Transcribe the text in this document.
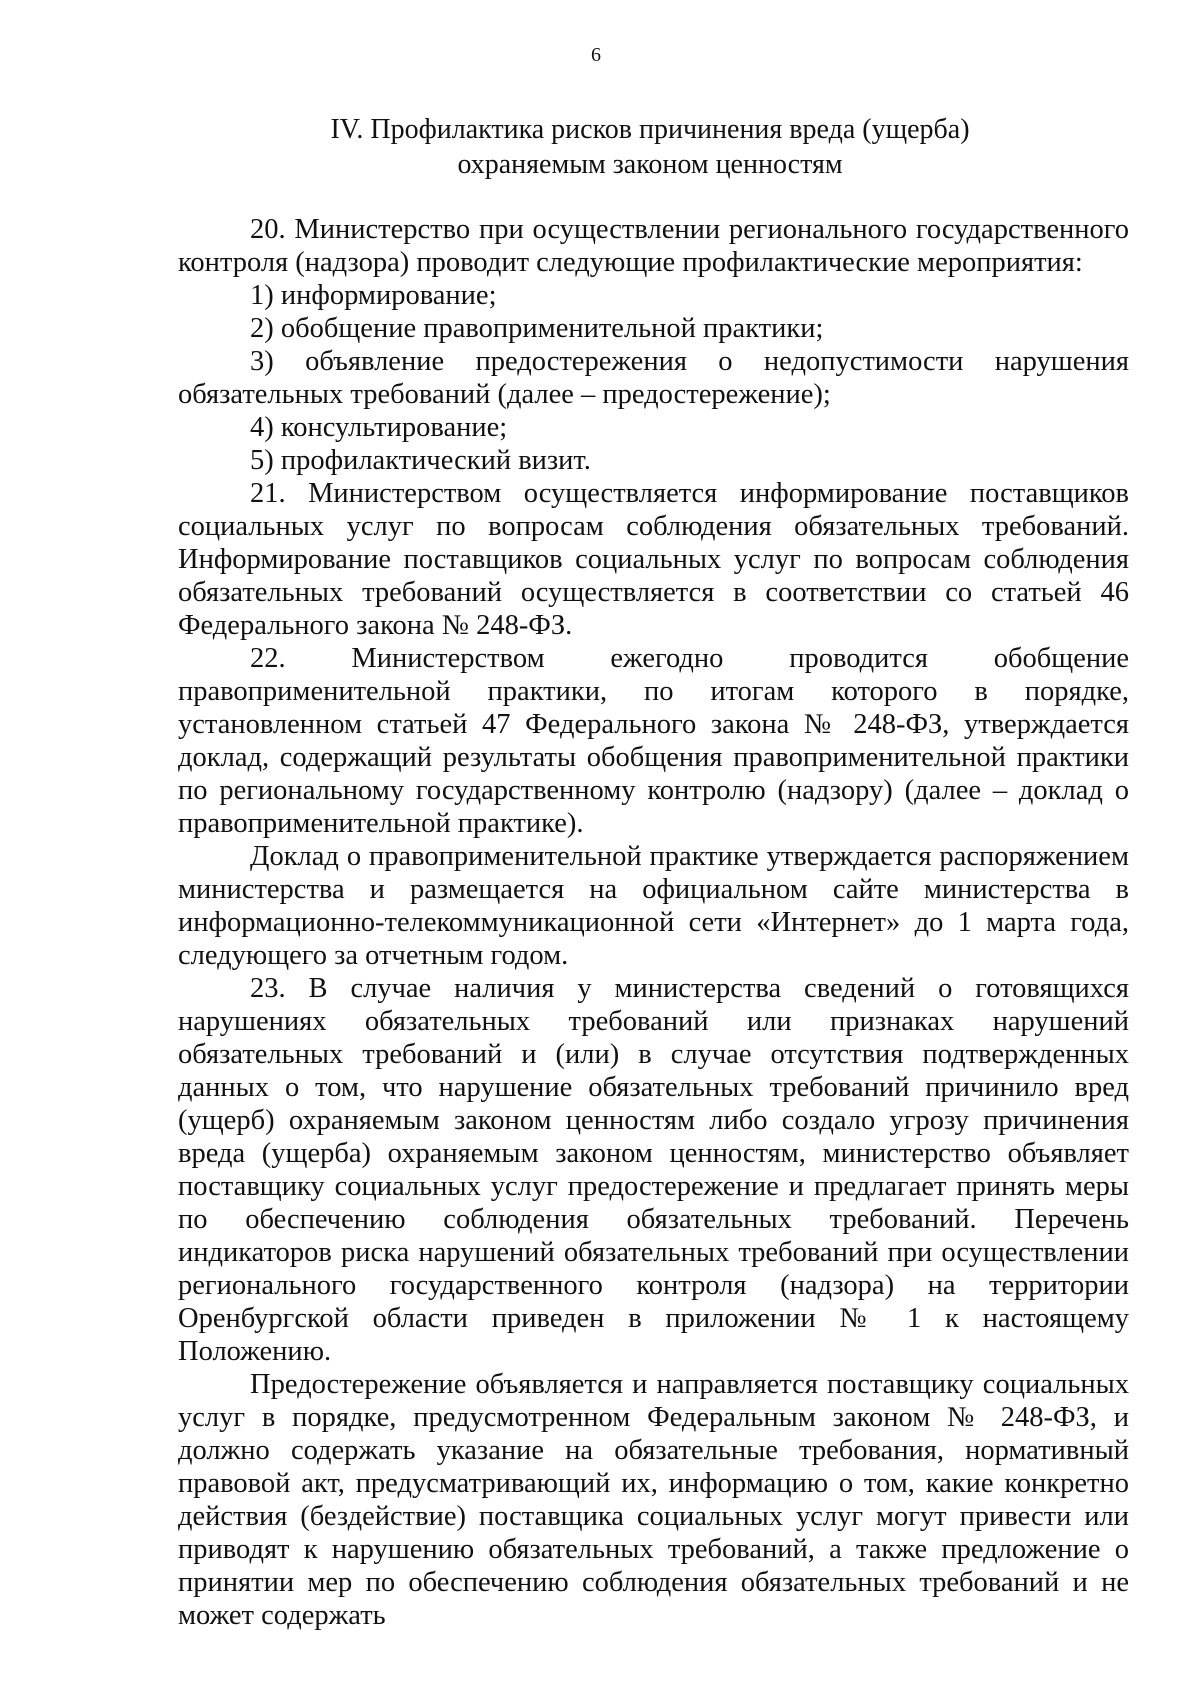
6
IV. Профилактика рисков причинения вреда (ущерба)
охраняемым законом ценностям

20. Министерство при осуществлении регионального государственного контроля (надзора) проводит следующие профилактические мероприятия:

1) информирование;

2) обобщение правоприменительной практики;

3) объявление предостережения о недопустимости нарушения обязательных требований (далее – предостережение);

4) консультирование;

5) профилактический визит.

21. Министерством осуществляется информирование поставщиков социальных услуг по вопросам соблюдения обязательных требований. Информирование поставщиков социальных услуг по вопросам соблюдения обязательных требований осуществляется в соответствии со статьей 46 Федерального закона № 248-ФЗ.

22. Министерством ежегодно проводится обобщение правоприменительной практики, по итогам которого в порядке, установленном статьей 47 Федерального закона № 248-ФЗ, утверждается доклад, содержащий результаты обобщения правоприменительной практики по региональному государственному контролю (надзору) (далее – доклад о правоприменительной практике).

Доклад о правоприменительной практике утверждается распоряжением министерства и размещается на официальном сайте министерства в информационно-телекоммуникационной сети «Интернет» до 1 марта года, следующего за отчетным годом.

23. В случае наличия у министерства сведений о готовящихся нарушениях обязательных требований или признаках нарушений обязательных требований и (или) в случае отсутствия подтвержденных данных о том, что нарушение обязательных требований причинило вред (ущерб) охраняемым законом ценностям либо создало угрозу причинения вреда (ущерба) охраняемым законом ценностям, министерство объявляет поставщику социальных услуг предостережение и предлагает принять меры по обеспечению соблюдения обязательных требований. Перечень индикаторов риска нарушений обязательных требований при осуществлении регионального государственного контроля (надзора) на территории Оренбургской области приведен в приложении № 1 к настоящему Положению.

Предостережение объявляется и направляется поставщику социальных услуг в порядке, предусмотренном Федеральным законом № 248-ФЗ, и должно содержать указание на обязательные требования, нормативный правовой акт, предусматривающий их, информацию о том, какие конкретно действия (бездействие) поставщика социальных услуг могут привести или приводят к нарушению обязательных требований, а также предложение о принятии мер по обеспечению соблюдения обязательных требований и не может содержать
